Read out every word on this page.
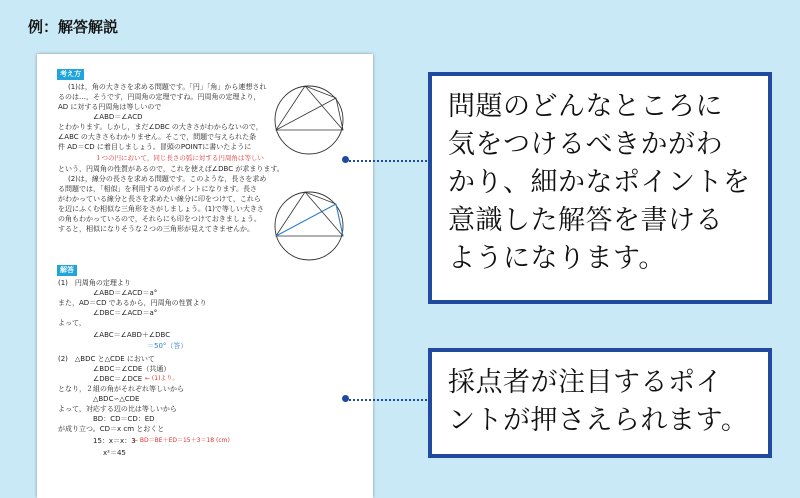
例：解答解説
考え方
(1)は，角の大きさを求める問題です。「円」「角」から連想され
るのは…，そうです，円周角の定理ですね。円周角の定理より，
AD に対する円周角は等しいので
∠ABD＝∠ACD
とわかります。しかし，まだ∠DBC の大きさがわからないので，
∠ABC の大きさもわかりません。そこで，問題で与えられた条
件 AD＝CD に着目しましょう。冒頭のPOINTに書いたように
１つの円において，同じ長さの弧に対する円周角は等しい
という，円周角の性質があるので，これを使えば∠DBC が求まります。
(2)は，線分の長さを求める問題です。このような，長さを求め
る問題では，「相似」を利用するのがポイントになります。長さ
がわかっている線分と長さを求めたい線分に印をつけて，これら
を辺にふくむ相似な三角形をさがしましょう。(1)で等しい大きさ
の角もわかっているので，それらにも印をつけておきましょう。
すると，相似になりそうな２つの三角形が見えてきませんか。
解答
(1)　円周角の定理より
∠ABD＝∠ACD＝a°
また，AD＝CD であるから，円周角の性質より
∠DBC＝∠ACD＝a°
よって，
∠ABC＝∠ABD＋∠DBC
＝50°（答）
(2)　△BDC と△CDE において
∠BDC＝∠CDE（共通）
∠DBC＝∠DCE ← (1)より。
となり，２組の角がそれぞれ等しいから
△BDC∽△CDE
よって，対応する辺の比は等しいから
BD：CD＝CD：ED
が成り立つ。CD＝x cm とおくと
15：x＝x：3
← BD＝BE＋ED＝15＋3＝18 (cm)
x²＝45
問題のどんなところに
気をつけるべきかがわ
かり、細かなポイントを
意識した解答を書ける
ようになります。
採点者が注目するポイ
ントが押さえられます。
